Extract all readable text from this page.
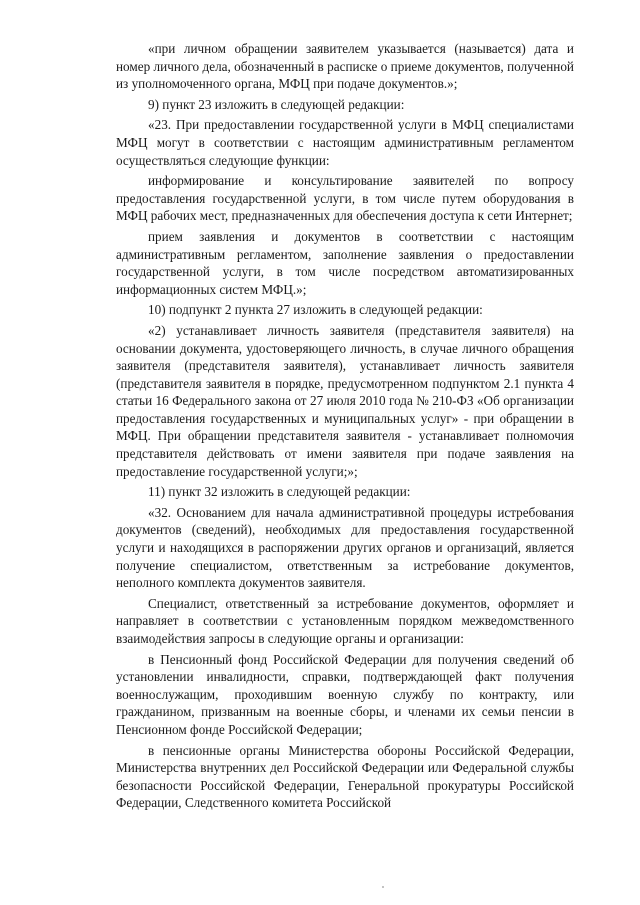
«при личном обращении заявителем указывается (называется) дата и номер личного дела, обозначенный в расписке о приеме документов, полученной из уполномоченного органа, МФЦ при подаче документов.»;

9) пункт 23 изложить в следующей редакции:

«23. При предоставлении государственной услуги в МФЦ специалистами МФЦ могут в соответствии с настоящим административным регламентом осуществляться следующие функции:

информирование и консультирование заявителей по вопросу предоставления государственной услуги, в том числе путем оборудования в МФЦ рабочих мест, предназначенных для обеспечения доступа к сети Интернет;

прием заявления и документов в соответствии с настоящим административным регламентом, заполнение заявления о предоставлении государственной услуги, в том числе посредством автоматизированных информационных систем МФЦ.»;

10) подпункт 2 пункта 27 изложить в следующей редакции:

«2) устанавливает личность заявителя (представителя заявителя) на основании документа, удостоверяющего личность, в случае личного обращения заявителя (представителя заявителя), устанавливает личность заявителя (представителя заявителя в порядке, предусмотренном подпунктом 2.1 пункта 4 статьи 16 Федерального закона от 27 июля 2010 года № 210-ФЗ «Об организации предоставления государственных и муниципальных услуг» - при обращении в МФЦ. При обращении представителя заявителя - устанавливает полномочия представителя действовать от имени заявителя при подаче заявления на предоставление государственной услуги;»;

11) пункт 32 изложить в следующей редакции:

«32. Основанием для начала административной процедуры истребования документов (сведений), необходимых для предоставления государственной услуги и находящихся в распоряжении других органов и организаций, является получение специалистом, ответственным за истребование документов, неполного комплекта документов заявителя.

Специалист, ответственный за истребование документов, оформляет и направляет в соответствии с установленным порядком межведомственного взаимодействия запросы в следующие органы и организации:

в Пенсионный фонд Российской Федерации для получения сведений об установлении инвалидности, справки, подтверждающей факт получения военнослужащим, проходившим военную службу по контракту, или гражданином, призванным на военные сборы, и членами их семьи пенсии в Пенсионном фонде Российской Федерации;

в пенсионные органы Министерства обороны Российской Федерации, Министерства внутренних дел Российской Федерации или Федеральной службы безопасности Российской Федерации, Генеральной прокуратуры Российской Федерации, Следственного комитета Российской
